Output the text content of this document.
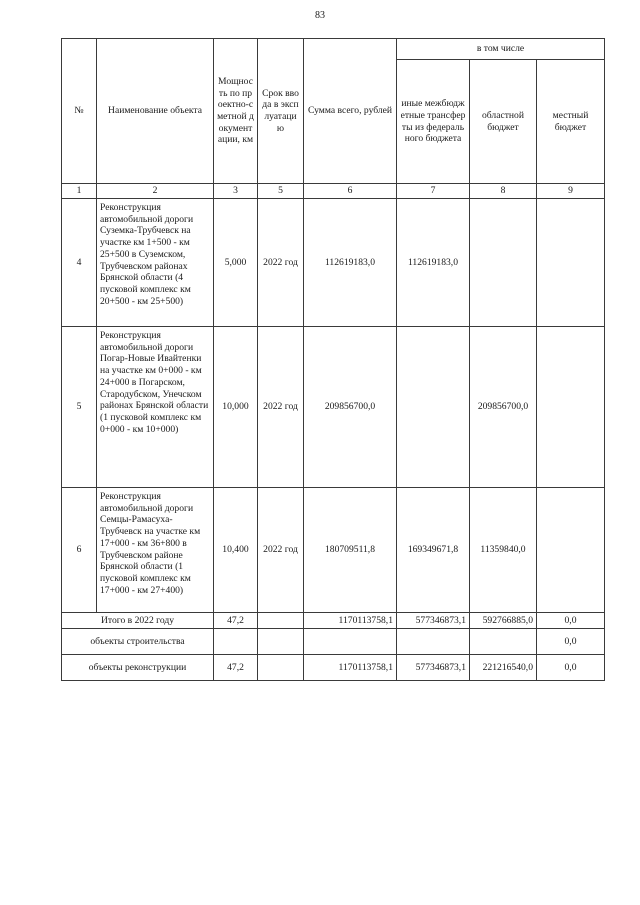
83
№	Наименование объекта	Мощность по проектно-сметной документации, км	Срок ввода в эксплуатацию	Сумма всего, рублей	в том числе		
					иные межбюджетные трансферты из федерального бюджета	областной бюджет	местный бюджет
1	2	3	5	6	7	8	9
4	Реконструкция автомобильной дороги Суземка-Трубчевск на участке км 1+500 - км 25+500 в Суземском, Трубчевском районах Брянской области (4 пусковой комплекс км 20+500 - км 25+500)	5,000	2022 год	112619183,0	112619183,0		
5	Реконструкция автомобильной дороги Погар-Новые Ивайтенки на участке км 0+000 - км 24+000 в Погарском, Стародубском, Унечском районах Брянской области (1 пусковой комплекс км 0+000 - км 10+000)	10,000	2022 год	209856700,0		209856700,0	
6	Реконструкция автомобильной дороги Семцы-Рамасуха-Трубчевск на участке км 17+000 - км 36+800 в Трубчевском районе Брянской области (1 пусковой комплекс км 17+000 - км 27+400)	10,400	2022 год	180709511,8	169349671,8	11359840,0	
Итого в 2022 году		47,2		1170113758,1	577346873,1	592766885,0	0,0
объекты строительства							0,0
объекты реконструкции		47,2		1170113758,1	577346873,1	221216540,0	0,0
